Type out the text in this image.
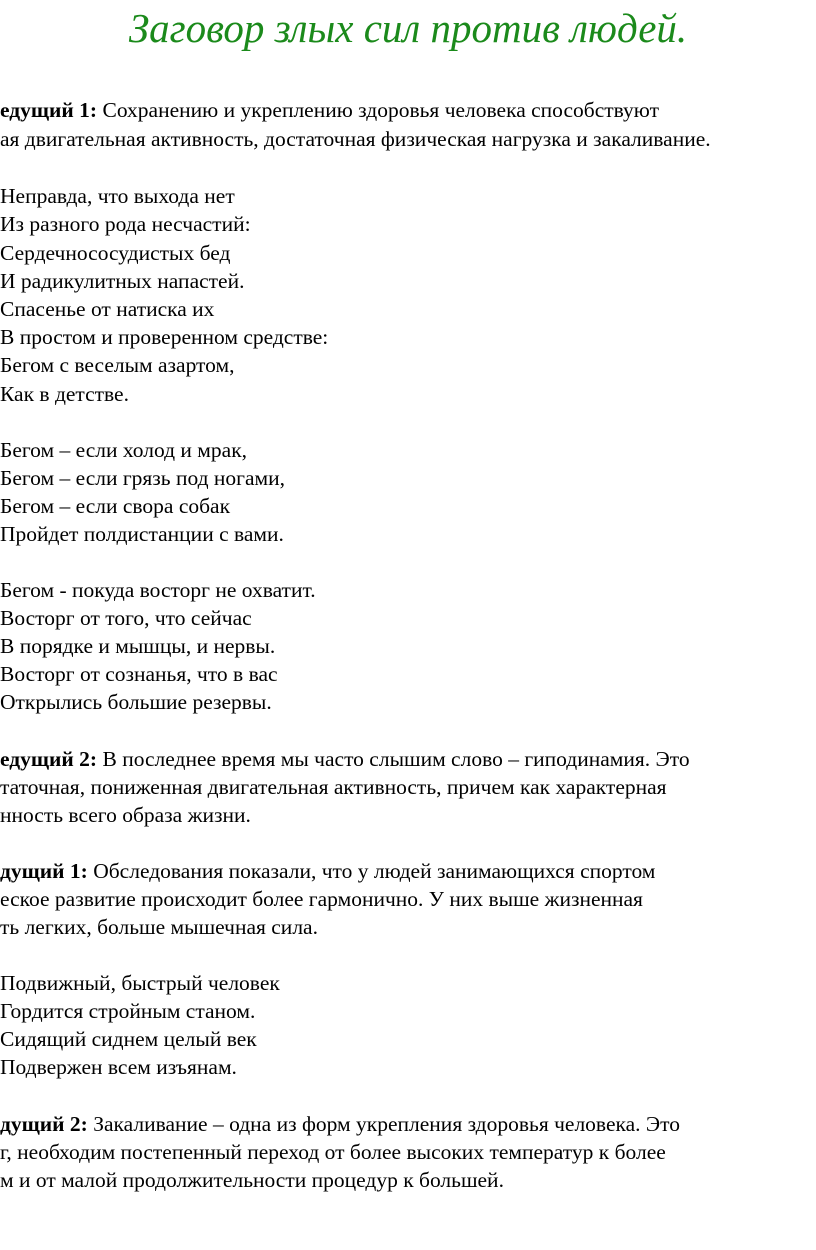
Заговор злых сил против людей.
едущий 1: Сохранению и укреплению здоровья человека способствуют
ая двигательная активность, достаточная физическая нагрузка и закаливание.
Неправда, что выхода нет
Из разного рода несчастий:
Сердечнососудистых бед
И радикулитных напастей.
Спасенье от натиска их
В простом и проверенном средстве:
Бегом с веселым азартом,
Как в детстве.
Бегом – если холод и мрак,
Бегом – если грязь под ногами,
Бегом – если свора собак
Пройдет полдистанции с вами.
Бегом - покуда восторг не охватит.
Восторг от того, что сейчас
В порядке и мышцы, и нервы.
Восторг от сознанья, что в вас
Открылись большие резервы.
едущий 2: В последнее время мы часто слышим слово – гиподинамия. Это
таточная, пониженная двигательная активность, причем как характерная
нность всего образа жизни.
дущий 1: Обследования показали, что у людей занимающихся спортом
еское развитие происходит более гармонично. У них выше жизненная
ть легких, больше мышечная сила.
Подвижный, быстрый человек
Гордится стройным станом.
Сидящий сиднем целый век
Подвержен всем изъянам.
дущий 2: Закаливание – одна из форм укрепления здоровья человека. Это
г, необходим постепенный переход от более высоких температур к более
м и от малой продолжительности процедур к большей.
